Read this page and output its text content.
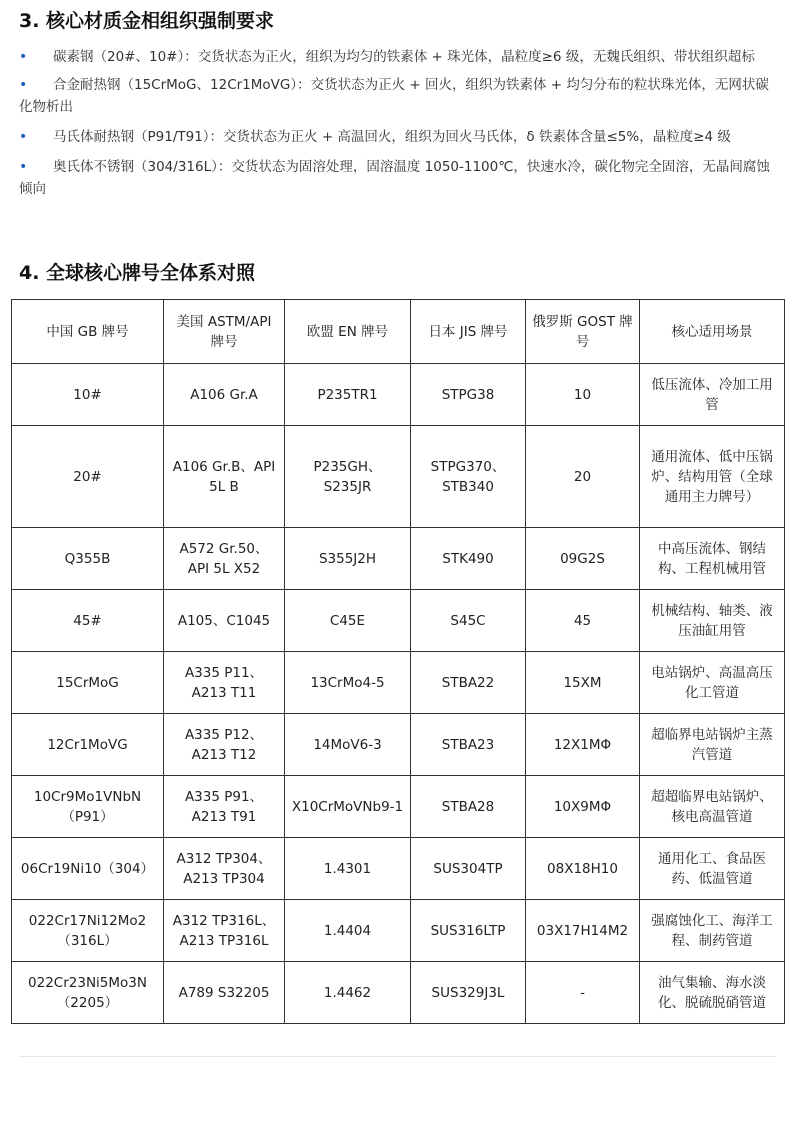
3. 核心材质金相组织强制要求
•	碳素钢（20#、10#）：交货状态为正火，组织为均匀的铁素体 + 珠光体，晶粒度≥6 级，无魏氏组织、带状组织超标
•	合金耐热钢（15CrMoG、12Cr1MoVG）：交货状态为正火 + 回火，组织为铁素体 + 均匀分布的粒状珠光体，无网状碳化物析出
•	马氏体耐热钢（P91/T91）：交货状态为正火 + 高温回火，组织为回火马氏体，δ 铁素体含量≤5%，晶粒度≥4 级
•	奥氏体不锈钢（304/316L）：交货状态为固溶处理，固溶温度 1050-1100℃，快速水冷，碳化物完全固溶，无晶间腐蚀倾向
4. 全球核心牌号全体系对照
中国 GB 牌号	美国 ASTM/API 牌号	欧盟 EN 牌号	日本 JIS 牌号	俄罗斯 GOST 牌号	核心适用场景
10#	A106 Gr.A	P235TR1	STPG38	10	低压流体、冷加工用管
20#	A106 Gr.B、API 5L B	P235GH、S235JR	STPG370、STB340	20	通用流体、低中压锅炉、结构用管（全球通用主力牌号）
Q355B	A572 Gr.50、API 5L X52	S355J2H	STK490	09G2S	中高压流体、钢结构、工程机械用管
45#	A105、C1045	C45E	S45C	45	机械结构、轴类、液压油缸用管
15CrMoG	A335 P11、A213 T11	13CrMo4-5	STBA22	15XM	电站锅炉、高温高压化工管道
12Cr1MoVG	A335 P12、A213 T12	14MoV6-3	STBA23	12X1MΦ	超临界电站锅炉主蒸汽管道
10Cr9Mo1VNbN（P91）	A335 P91、A213 T91	X10CrMoVNb9-1	STBA28	10X9MΦ	超超临界电站锅炉、核电高温管道
06Cr19Ni10（304）	A312 TP304、A213 TP304	1.4301	SUS304TP	08X18H10	通用化工、食品医药、低温管道
022Cr17Ni12Mo2（316L）	A312 TP316L、A213 TP316L	1.4404	SUS316LTP	03X17H14M2	强腐蚀化工、海洋工程、制药管道
022Cr23Ni5Mo3N（2205）	A789 S32205	1.4462	SUS329J3L	-	油气集输、海水淡化、脱硫脱硝管道
